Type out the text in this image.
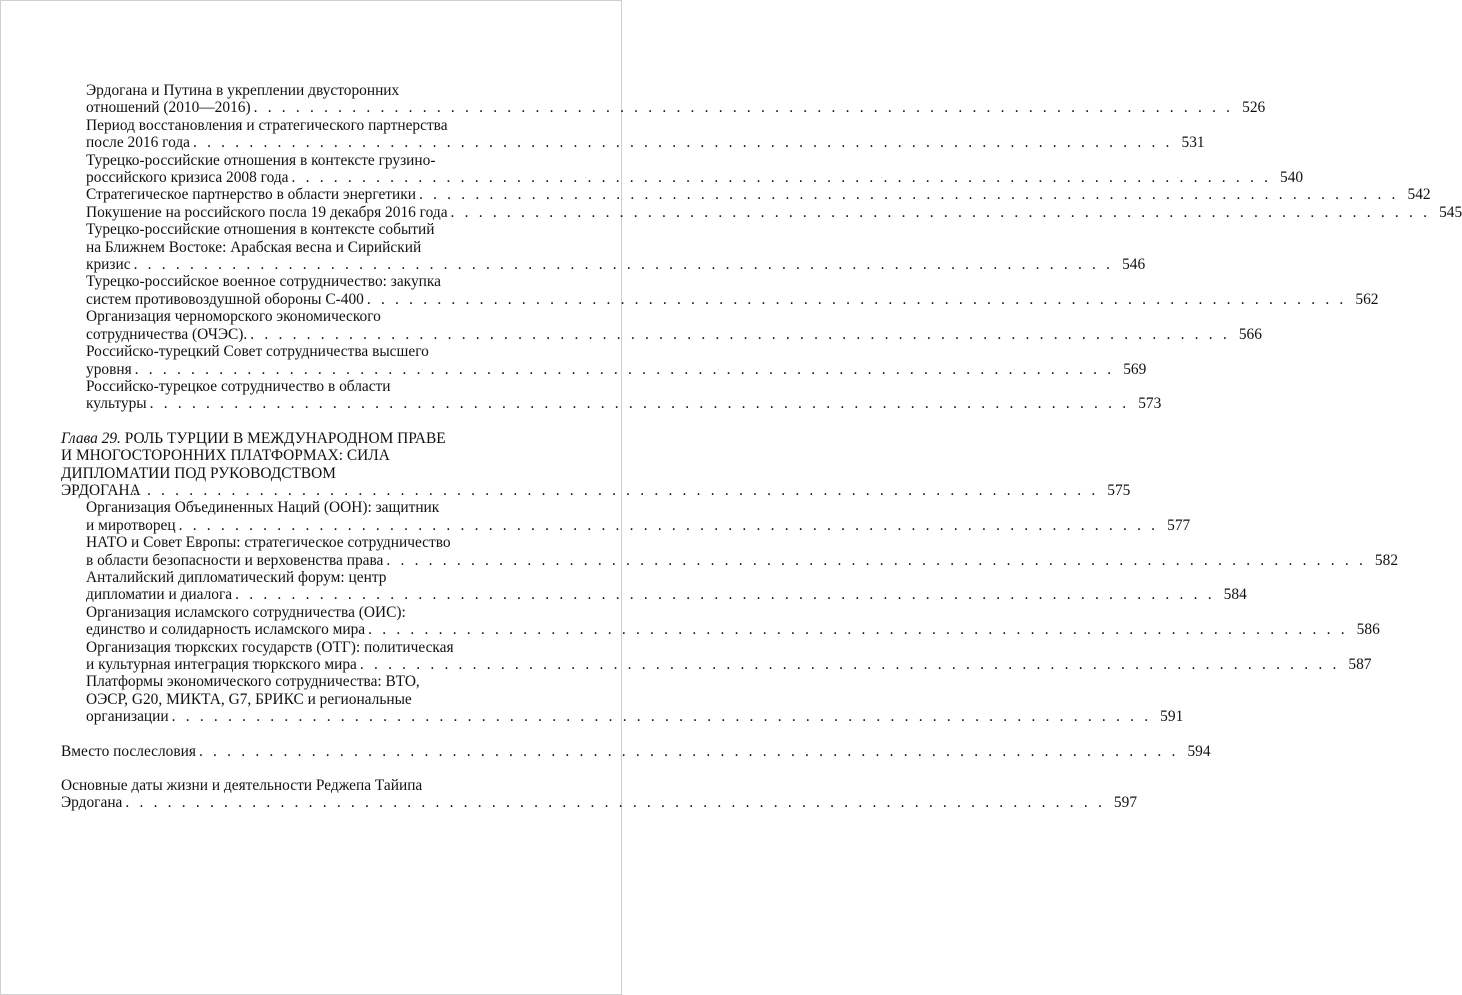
Эрдогана и Путина в укреплении двусторонних
отношений (2010—2016) . . . . . . . . . . . . . . . . . . . . . . . . . . . . . . . . . . . . . . . . . . . . . . . . . . . . . . . . . . . . . . . . . . . . . . 526
Период восстановления и стратегического партнерства
после 2016 года . . . . . . . . . . . . . . . . . . . . . . . . . . . . . . . . . . . . . . . . . . . . . . . . . . . . . . . . . . . . . . . . . . . . . . 531
Турецко-российские отношения в контексте грузино-
российского кризиса 2008 года . . . . . . . . . . . . . . . . . . . . . . . . . . . . . . . . . . . . . . . . . . . . . . . . . . . . . . . . . . . . . . . . . . . . . . 540
Стратегическое партнерство в области энергетики . . . . . . . . . . . . . . . . . . . . . . . . . . . . . . . . . . . . . . . . . . . . . . . . . . . . . . . . . . . . . . . . . . . . . . 542
Покушение на российского посла 19 декабря 2016 года . . . . . . . . . . . . . . . . . . . . . . . . . . . . . . . . . . . . . . . . . . . . . . . . . . . . . . . . . . . . . . . . . . . . . . 545
Турецко-российские отношения в контексте событий
на Ближнем Востоке: Арабская весна и Сирийский
кризис . . . . . . . . . . . . . . . . . . . . . . . . . . . . . . . . . . . . . . . . . . . . . . . . . . . . . . . . . . . . . . . . . . . . . . 546
Турецко-российское военное сотрудничество: закупка
систем противовоздушной обороны С-400 . . . . . . . . . . . . . . . . . . . . . . . . . . . . . . . . . . . . . . . . . . . . . . . . . . . . . . . . . . . . . . . . . . . . . . 562
Организация черноморского экономического
сотрудничества (ОЧЭС). . . . . . . . . . . . . . . . . . . . . . . . . . . . . . . . . . . . . . . . . . . . . . . . . . . . . . . . . . . . . . . . . . . . . . . 566
Российско-турецкий Совет сотрудничества высшего
уровня . . . . . . . . . . . . . . . . . . . . . . . . . . . . . . . . . . . . . . . . . . . . . . . . . . . . . . . . . . . . . . . . . . . . . . 569
Российско-турецкое сотрудничество в области
культуры . . . . . . . . . . . . . . . . . . . . . . . . . . . . . . . . . . . . . . . . . . . . . . . . . . . . . . . . . . . . . . . . . . . . . . 573
Глава 29. РОЛЬ ТУРЦИИ В МЕЖДУНАРОДНОМ ПРАВЕ
И МНОГОСТОРОННИХ ПЛАТФОРМАХ: СИЛА
ДИПЛОМАТИИ ПОД РУКОВОДСТВОМ
ЭРДОГАНА
. . . . . . . . . . . . . . . . . . . . . . . . . . . . . . . . . . . . . . . . . . . . . . . . . . . . . . . . . . . . . . . . . . . . . . 575
Организация Объединенных Наций (ООН): защитник
и миротворец . . . . . . . . . . . . . . . . . . . . . . . . . . . . . . . . . . . . . . . . . . . . . . . . . . . . . . . . . . . . . . . . . . . . . . 577
НАТО и Совет Европы: стратегическое сотрудничество
в области безопасности и верховенства права . . . . . . . . . . . . . . . . . . . . . . . . . . . . . . . . . . . . . . . . . . . . . . . . . . . . . . . . . . . . . . . . . . . . . . 582
Анталийский дипломатический форум: центр
дипломатии и диалога . . . . . . . . . . . . . . . . . . . . . . . . . . . . . . . . . . . . . . . . . . . . . . . . . . . . . . . . . . . . . . . . . . . . . . 584
Организация исламского сотрудничества (ОИС):
единство и солидарность исламского мира . . . . . . . . . . . . . . . . . . . . . . . . . . . . . . . . . . . . . . . . . . . . . . . . . . . . . . . . . . . . . . . . . . . . . . 586
Организация тюркских государств (ОТГ): политическая
и культурная интеграция тюркского мира . . . . . . . . . . . . . . . . . . . . . . . . . . . . . . . . . . . . . . . . . . . . . . . . . . . . . . . . . . . . . . . . . . . . . . 587
Платформы экономического сотрудничества: ВТО,
ОЭСР, G20, МИКТА, G7, БРИКС и региональные
организации . . . . . . . . . . . . . . . . . . . . . . . . . . . . . . . . . . . . . . . . . . . . . . . . . . . . . . . . . . . . . . . . . . . . . . 591
Вместо послесловия . . . . . . . . . . . . . . . . . . . . . . . . . . . . . . . . . . . . . . . . . . . . . . . . . . . . . . . . . . . . . . . . . . . . . . 594
Основные даты жизни и деятельности Реджепа Тайипа
Эрдогана . . . . . . . . . . . . . . . . . . . . . . . . . . . . . . . . . . . . . . . . . . . . . . . . . . . . . . . . . . . . . . . . . . . . . . 597
